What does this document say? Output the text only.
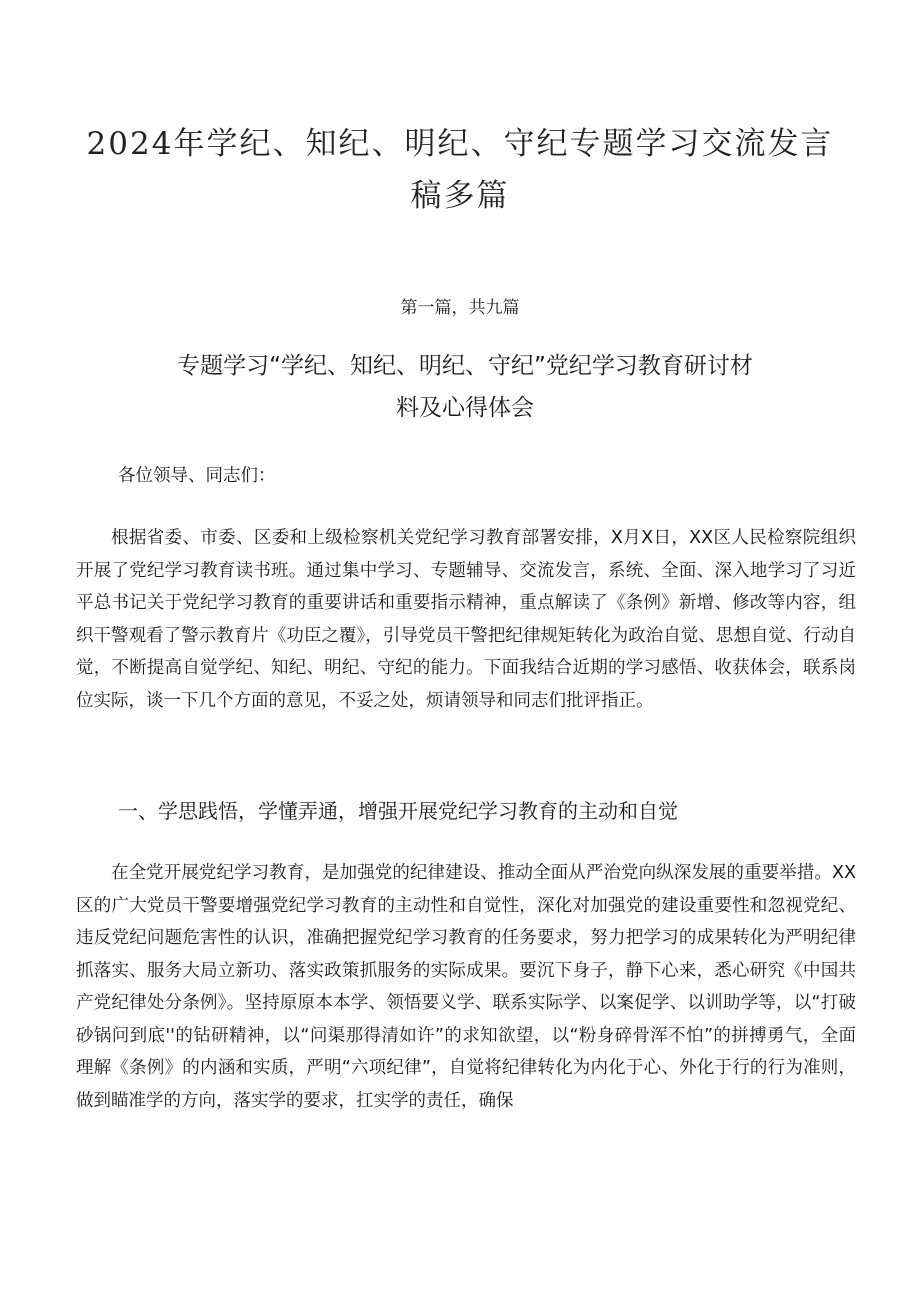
2024年学纪、知纪、明纪、守纪专题学习交流发言
稿多篇
第一篇，共九篇
专题学习“学纪、知纪、明纪、守纪”党纪学习教育研讨材
料及心得体会

各位领导、同志们：

根据省委、市委、区委和上级检察机关党纪学习教育部署安排，X月X日，XX区人民检察院组织开展了党纪学习教育读书班。通过集中学习、专题辅导、交流发言，系统、全面、深入地学习了习近平总书记关于党纪学习教育的重要讲话和重要指示精神，重点解读了《条例》新增、修改等内容，组织干警观看了警示教育片《功臣之覆》，引导党员干警把纪律规矩转化为政治自觉、思想自觉、行动自觉，不断提高自觉学纪、知纪、明纪、守纪的能力。下面我结合近期的学习感悟、收获体会，联系岗位实际，谈一下几个方面的意见，不妥之处，烦请领导和同志们批评指正。

一、学思践悟，学懂弄通，增强开展党纪学习教育的主动和自觉

在全党开展党纪学习教育，是加强党的纪律建设、推动全面从严治党向纵深发展的重要举措。XX区的广大党员干警要增强党纪学习教育的主动性和自觉性，深化对加强党的建设重要性和忽视党纪、违反党纪问题危害性的认识，准确把握党纪学习教育的任务要求，努力把学习的成果转化为严明纪律抓落实、服务大局立新功、落实政策抓服务的实际成果。要沉下身子，静下心来，悉心研究《中国共产党纪律处分条例》。坚持原原本本学、领悟要义学、联系实际学、以案促学、以训助学等，以“打破砂锅问到底''的钻研精神，以“问渠那得清如许”的求知欲望，以“粉身碎骨浑不怕”的拼搏勇气，全面理解《条例》的内涵和实质，严明“六项纪律”，自觉将纪律转化为内化于心、外化于行的行为准则，做到瞄准学的方向，落实学的要求，扛实学的责任，确保
